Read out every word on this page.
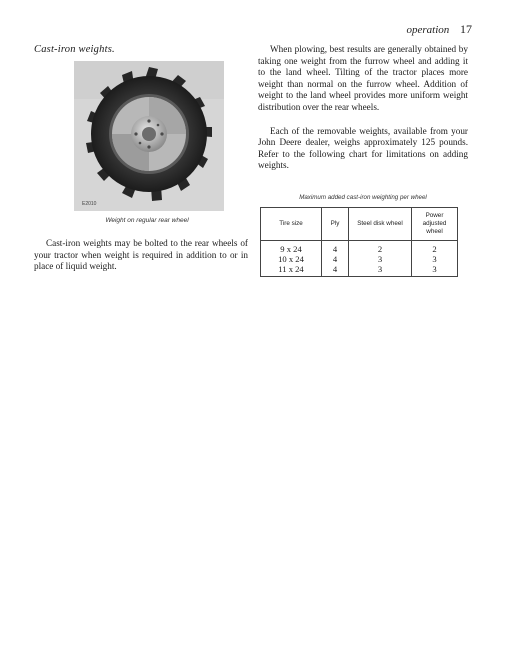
operation 17

Cast-iron weights.

E2010
Weight on regular rear wheel

Cast-iron weights may be bolted to the rear wheels of your tractor when weight is required in addition to or in place of liquid weight.

When plowing, best results are generally obtained by taking one weight from the furrow wheel and adding it to the land wheel. Tilting of the tractor places more weight than normal on the furrow wheel. Addition of weight to the land wheel provides more uniform weight distribution over the rear wheels.

Each of the removable weights, available from your John Deere dealer, weighs approximately 125 pounds. Refer to the following chart for limitations on adding weights.

Maximum added cast-iron weighting per wheel
Tire size	Ply	Steel disk wheel	Power adjusted wheel
9 x 24	4	2	2
10 x 24	4	3	3
11 x 24	4	3	3
